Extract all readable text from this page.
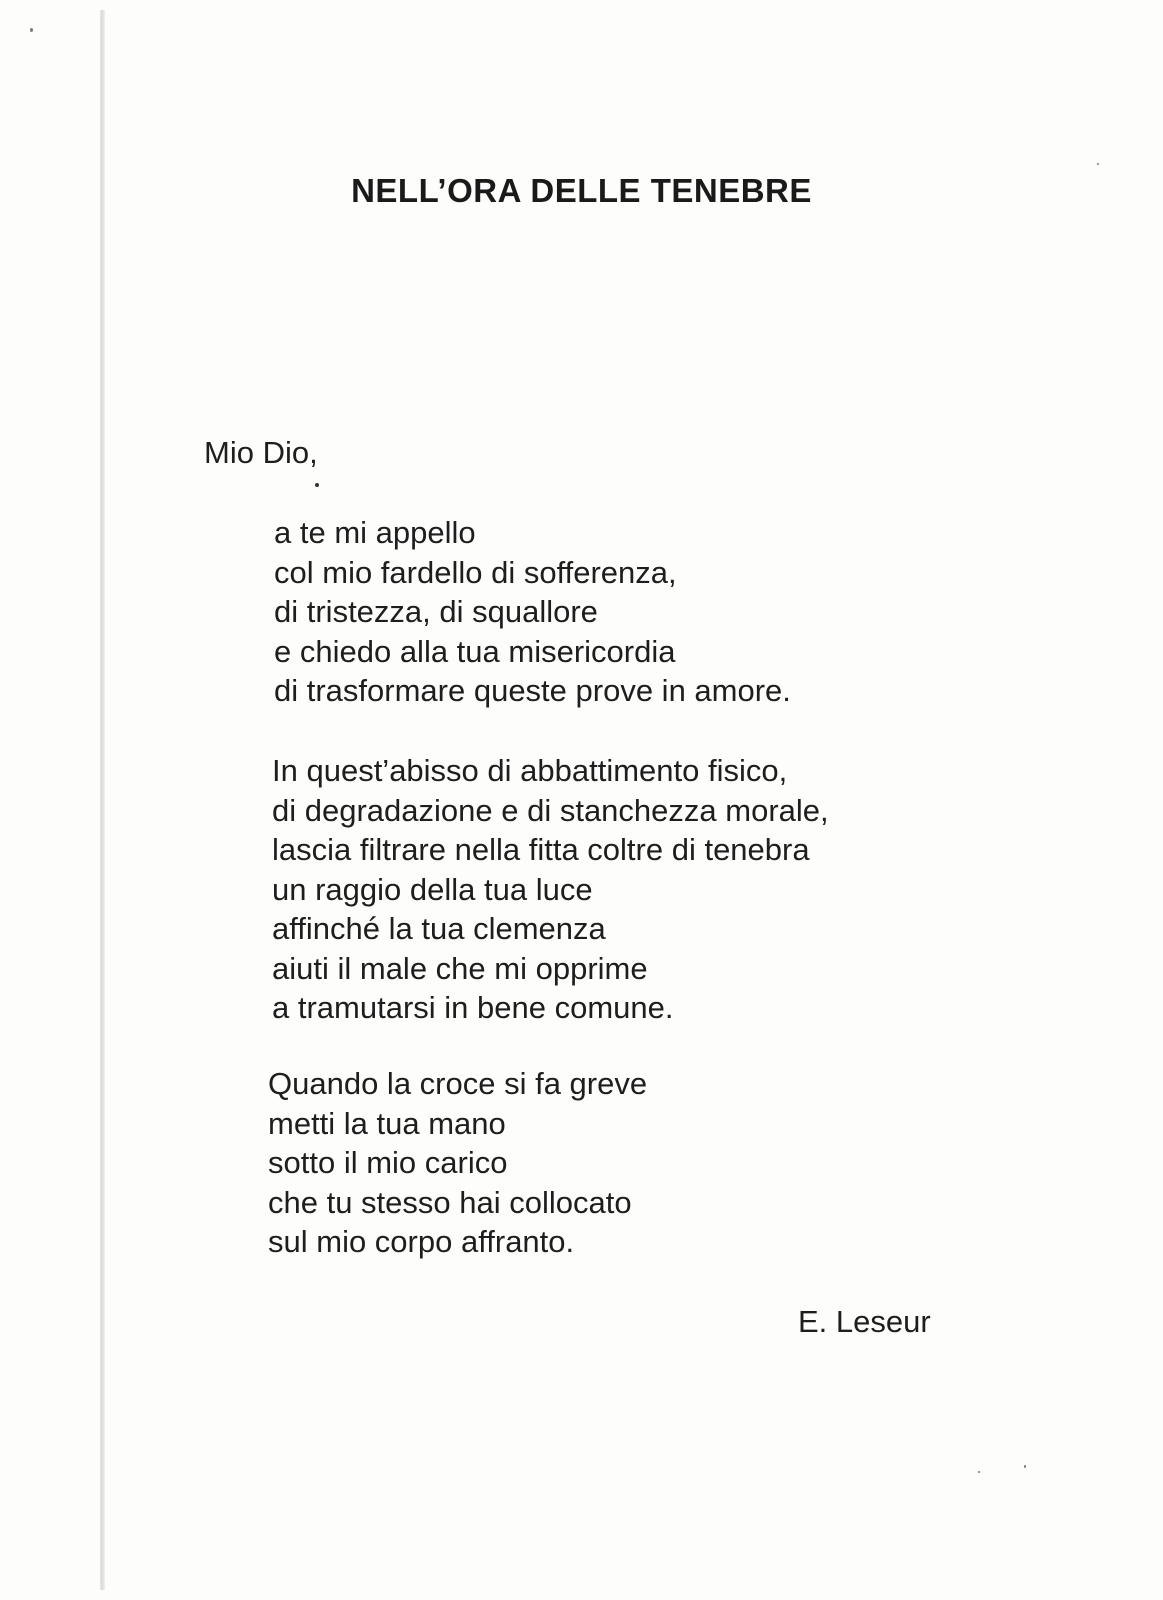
NELL’ORA DELLE TENEBRE
Mio Dio,
a te mi appello
col mio fardello di sofferenza,
di tristezza, di squallore
e chiedo alla tua misericordia
di trasformare queste prove in amore.
In quest’abisso di abbattimento fisico,
di degradazione e di stanchezza morale,
lascia filtrare nella fitta coltre di tenebra
un raggio della tua luce
affinché la tua clemenza
aiuti il male che mi opprime
a tramutarsi in bene comune.
Quando la croce si fa greve
metti la tua mano
sotto il mio carico
che tu stesso hai collocato
sul mio corpo affranto.
E. Leseur
